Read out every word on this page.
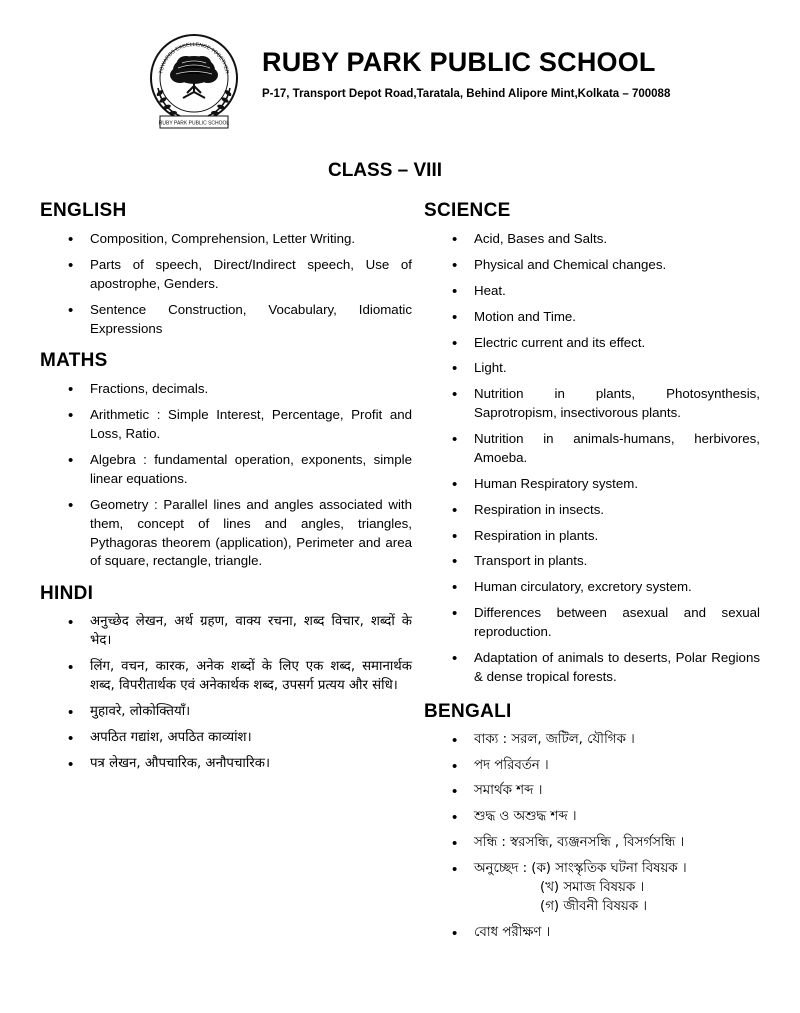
TOWARDS EXCELLENCE TOGETHER
RUBY PARK PUBLIC SCHOOL
RUBY PARK PUBLIC SCHOOL
P-17, Transport Depot Road,Taratala, Behind Alipore Mint,Kolkata – 700088
CLASS – VIII
ENGLISH
• Composition, Comprehension, Letter Writing.
• Parts of speech, Direct/Indirect speech, Use of apostrophe, Genders.
• Sentence Construction, Vocabulary, Idiomatic Expressions
MATHS
• Fractions, decimals.
• Arithmetic : Simple Interest, Percentage, Profit and Loss, Ratio.
• Algebra : fundamental operation, exponents, simple linear equations.
• Geometry : Parallel lines and angles associated with them, concept of lines and angles, triangles, Pythagoras theorem (application), Perimeter and area of square, rectangle, triangle.
HINDI
• अनुच्छेद लेखन, अर्थ ग्रहण, वाक्य रचना, शब्द विचार, शब्दों के भेद।
• लिंग, वचन, कारक, अनेक शब्दों के लिए एक शब्द, समानार्थक शब्द, विपरीतार्थक एवं अनेकार्थक शब्द, उपसर्ग प्रत्यय और संधि।
• मुहावरे, लोकोक्तियाँ।
• अपठित गद्यांश, अपठित काव्यांश।
• पत्र लेखन, औपचारिक, अनौपचारिक।
SCIENCE
• Acid, Bases and Salts.
• Physical and Chemical changes.
• Heat.
• Motion and Time.
• Electric current and its effect.
• Light.
• Nutrition in plants, Photosynthesis, Saprotropism, insectivorous plants.
• Nutrition in animals-humans, herbivores, Amoeba.
• Human Respiratory system.
• Respiration in insects.
• Respiration in plants.
• Transport in plants.
• Human circulatory, excretory system.
• Differences between asexual and sexual reproduction.
• Adaptation of animals to deserts, Polar Regions & dense tropical forests.
BENGALI
• বাক্য : সরল, জটিল, যৌগিক ।
• পদ পরিবর্তন ।
• সমার্থক শব্দ ।
• শুদ্ধ ও অশুদ্ধ শব্দ ।
• সন্ধি : স্বরসন্ধি, ব্যঞ্জনসন্ধি , বিসর্গসন্ধি ।
• অনুচ্ছেদ : (ক) সাংস্কৃতিক ঘটনা বিষয়ক ।
(খ) সমাজ বিষয়ক ।
(গ) জীবনী বিষয়ক ।
• বোধ পরীক্ষণ ।
